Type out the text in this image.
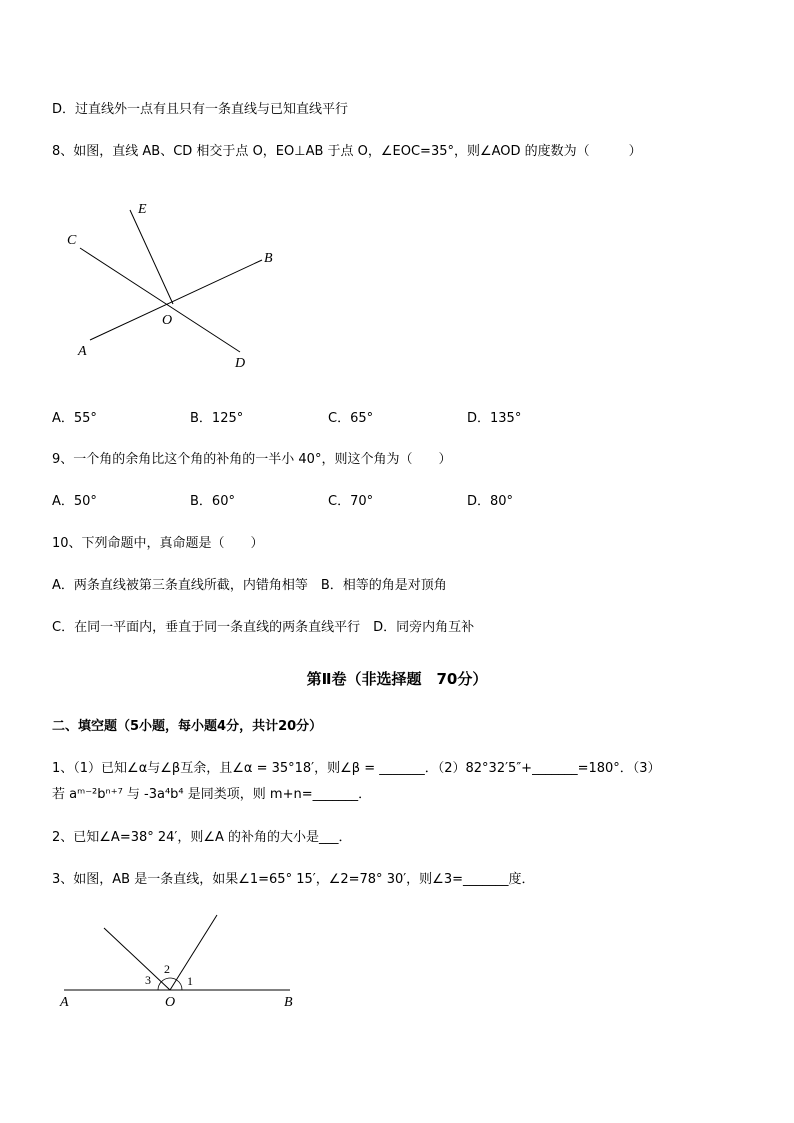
D．过直线外一点有且只有一条直线与已知直线平行
8、如图，直线 AB、CD 相交于点 O，EO⊥AB 于点 O，∠EOC=35°，则∠AOD 的度数为（　　　）
E
C
B
O
A
D
A．55°	B．125°	C．65°	D．135°
9、一个角的余角比这个角的补角的一半小 40°，则这个角为（　　）
A．50°	B．60°	C．70°	D．80°
10、下列命题中，真命题是（　　）
A．两条直线被第三条直线所截，内错角相等　B．相等的角是对顶角
C．在同一平面内，垂直于同一条直线的两条直线平行　D．同旁内角互补
第Ⅱ卷（非选择题　70分）
二、填空题（5小题，每小题4分，共计20分）
1、（1）已知∠α与∠β互余，且∠α = 35°18′，则∠β = _______．（2）82°32′5″+_______=180°．（3）
若 aᵐ⁻²bⁿ⁺⁷ 与 -3a⁴b⁴ 是同类项，则 m+n=_______．
2、已知∠A=38° 24′，则∠A 的补角的大小是___．
3、如图，AB 是一条直线，如果∠1=65° 15′，∠2=78° 30′，则∠3=_______度．
3
2
1
A	O	B
